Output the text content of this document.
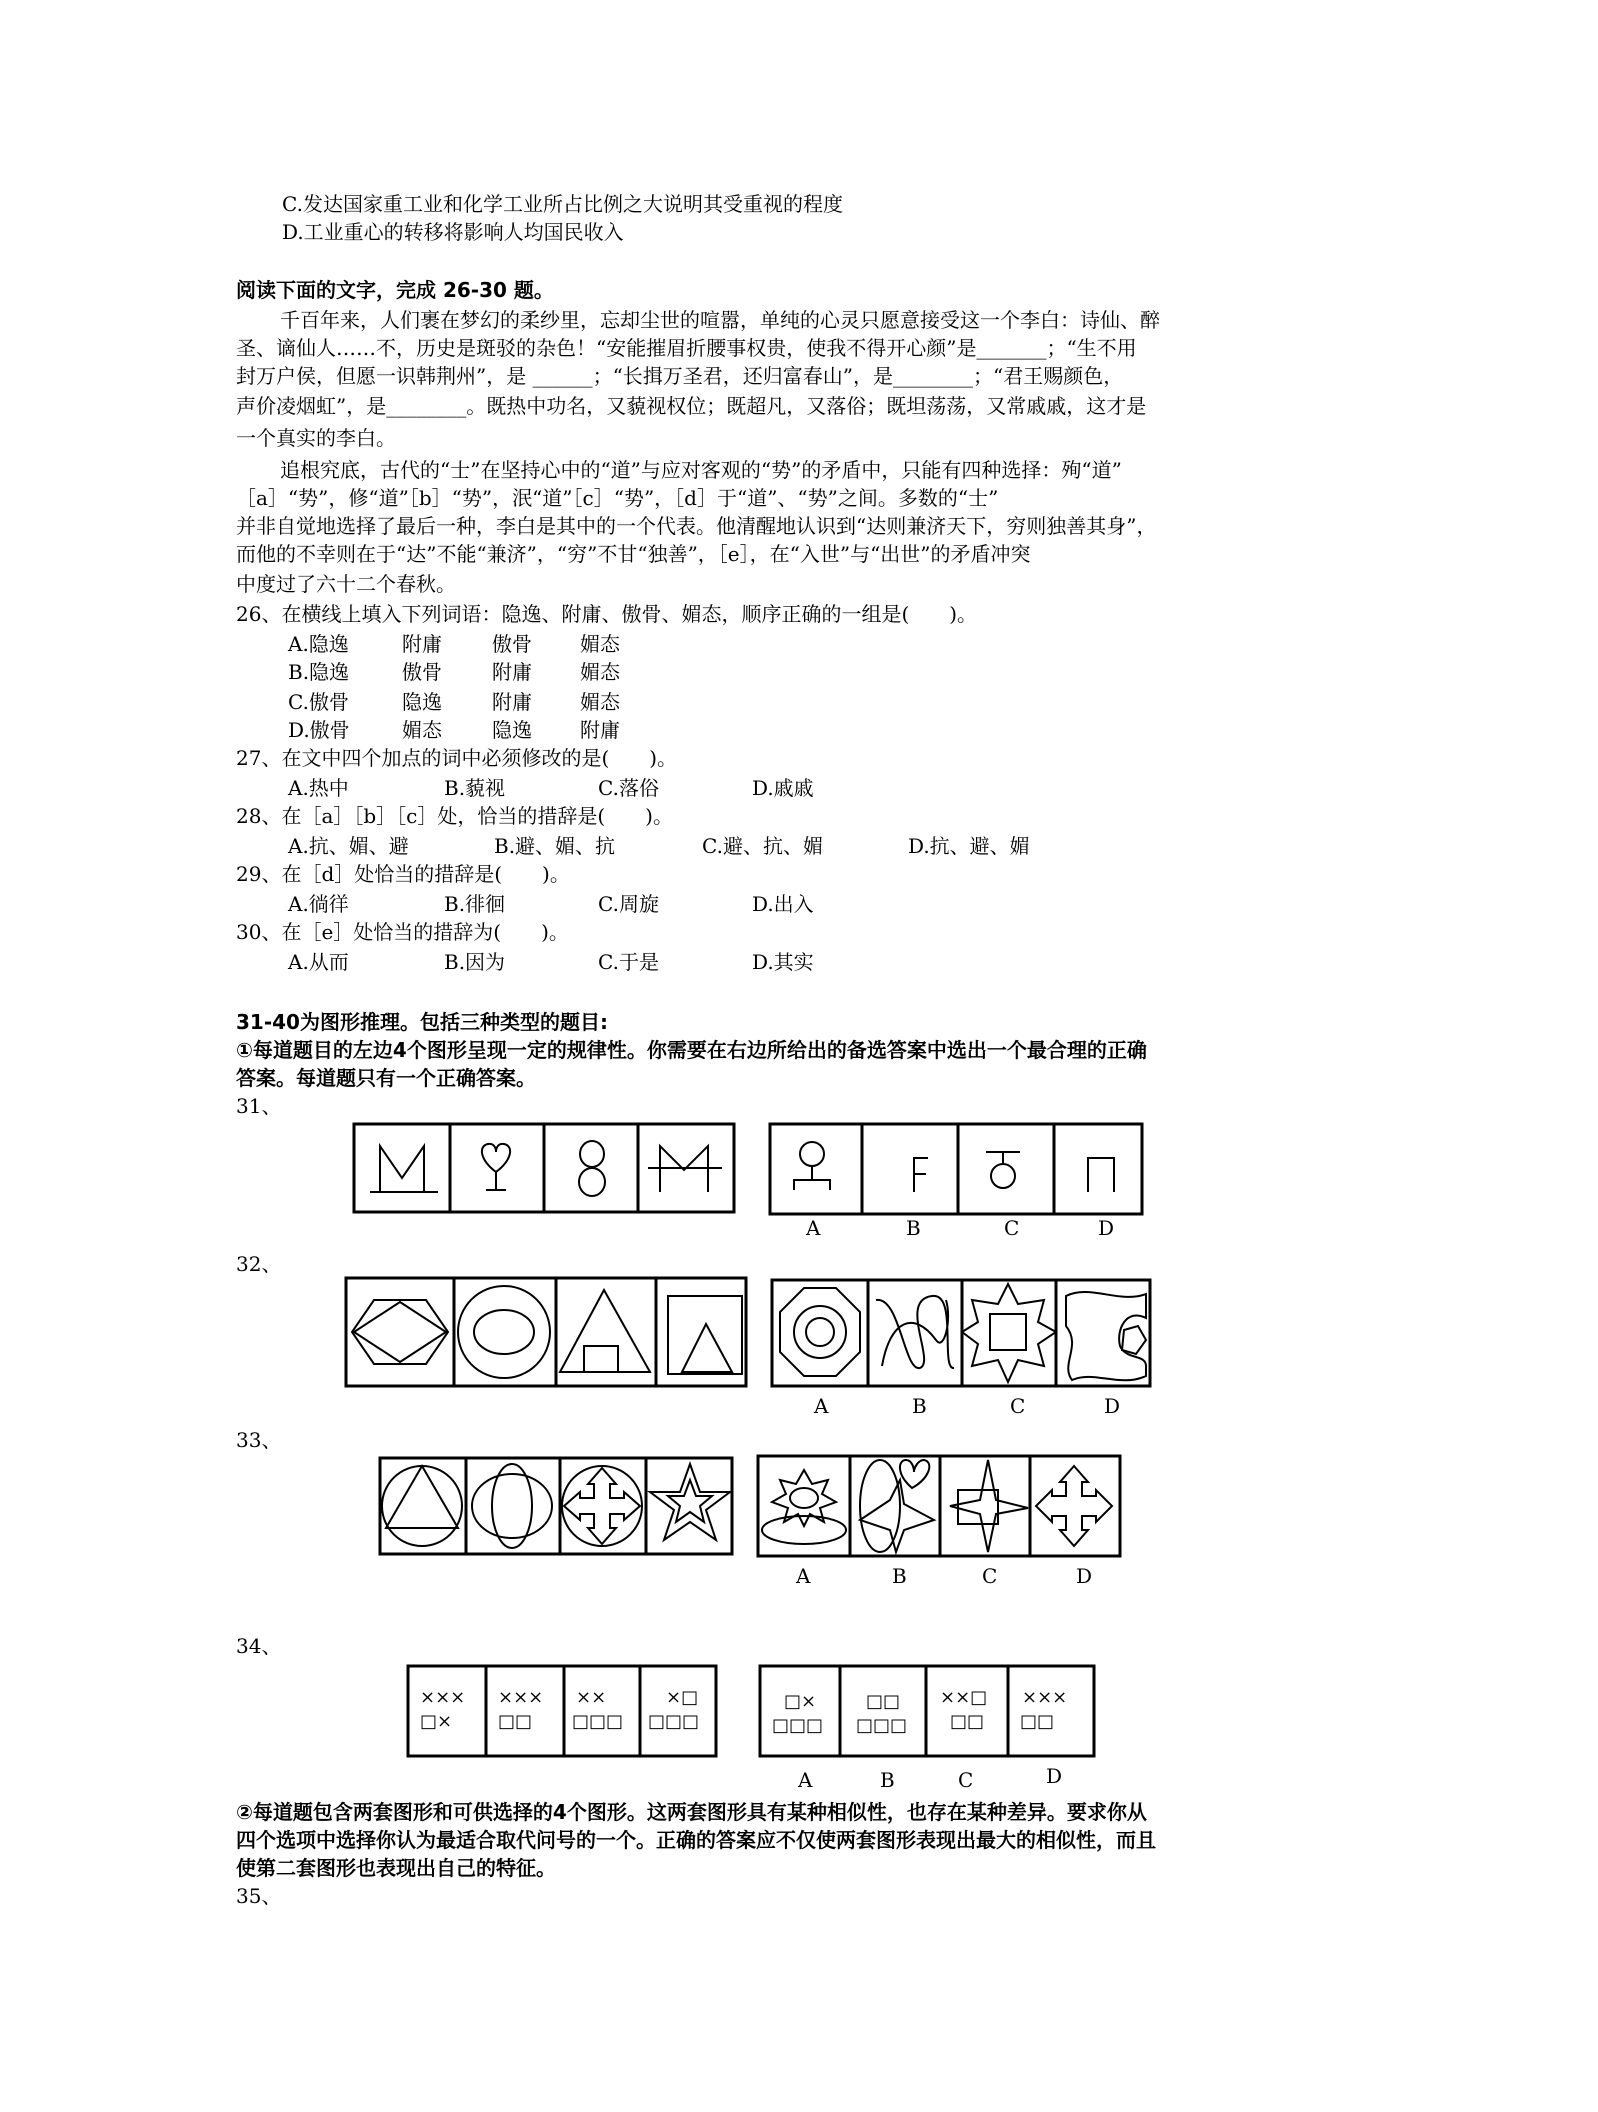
C.发达国家重工业和化学工业所占比例之大说明其受重视的程度
D.工业重心的转移将影响人均国民收入
阅读下面的文字，完成 26-30 题。
千百年来，人们裹在梦幻的柔纱里，忘却尘世的喧嚣，单纯的心灵只愿意接受这一个李白：诗仙、醉
圣、谪仙人……不，历史是斑驳的杂色！“安能摧眉折腰事权贵，使我不得开心颜”是_______；“生不用
封万户侯，但愿一识韩荆州”，是 ______；“长揖万圣君，还归富春山”，是________；“君王赐颜色，
声价凌烟虹”，是________。既热中功名，又藐视权位；既超凡，又落俗；既坦荡荡，又常戚戚，这才是
一个真实的李白。
追根究底，古代的“士”在坚持心中的“道”与应对客观的“势”的矛盾中，只能有四种选择：殉“道”
［a］“势”，修“道”［b］“势”，泯“道”［c］“势”，［d］于“道”、“势”之间。多数的“士”
并非自觉地选择了最后一种，李白是其中的一个代表。他清醒地认识到“达则兼济天下，穷则独善其身”，
而他的不幸则在于“达”不能“兼济”，“穷”不甘“独善”，［e］，在“入世”与“出世”的矛盾冲突
中度过了六十二个春秋。
26、在横线上填入下列词语：隐逸、附庸、傲骨、媚态，顺序正确的一组是(　　)。
A.隐逸	附庸	傲骨 媚态
B.隐逸	傲骨	附庸 媚态
C.傲骨	隐逸	附庸 媚态
D.傲骨	媚态	隐逸 附庸
27、在文中四个加点的词中必须修改的是(　　)。
A.热中	B.藐视	C.落俗	D.戚戚
28、在［a］［b］［c］处，恰当的措辞是(　　)。
A.抗、媚、避	B.避、媚、抗	C.避、抗、媚	D.抗、避、媚
29、在［d］处恰当的措辞是(　　)。
A.徜徉	B.徘徊	C.周旋	D.出入
30、在［e］处恰当的措辞为(　　)。
A.从而	B.因为	C.于是	D.其实
31-40为图形推理。包括三种类型的题目:
①每道题目的左边4个图形呈现一定的规律性。你需要在右边所给出的备选答案中选出一个最合理的正确
答案。每道题只有一个正确答案。
31、
32、
33、
34、
A	B	C	D
A	B	C	D
A	B	C	D
A	B	C	D
×××
□×
×××
□□
××
□□□
×□
□□□
□×
□□□
□□
□□□
××□
□□
×××
□□
②每道题包含两套图形和可供选择的4个图形。这两套图形具有某种相似性，也存在某种差异。要求你从
四个选项中选择你认为最适合取代问号的一个。正确的答案应不仅使两套图形表现出最大的相似性，而且
使第二套图形也表现出自己的特征。
35、
